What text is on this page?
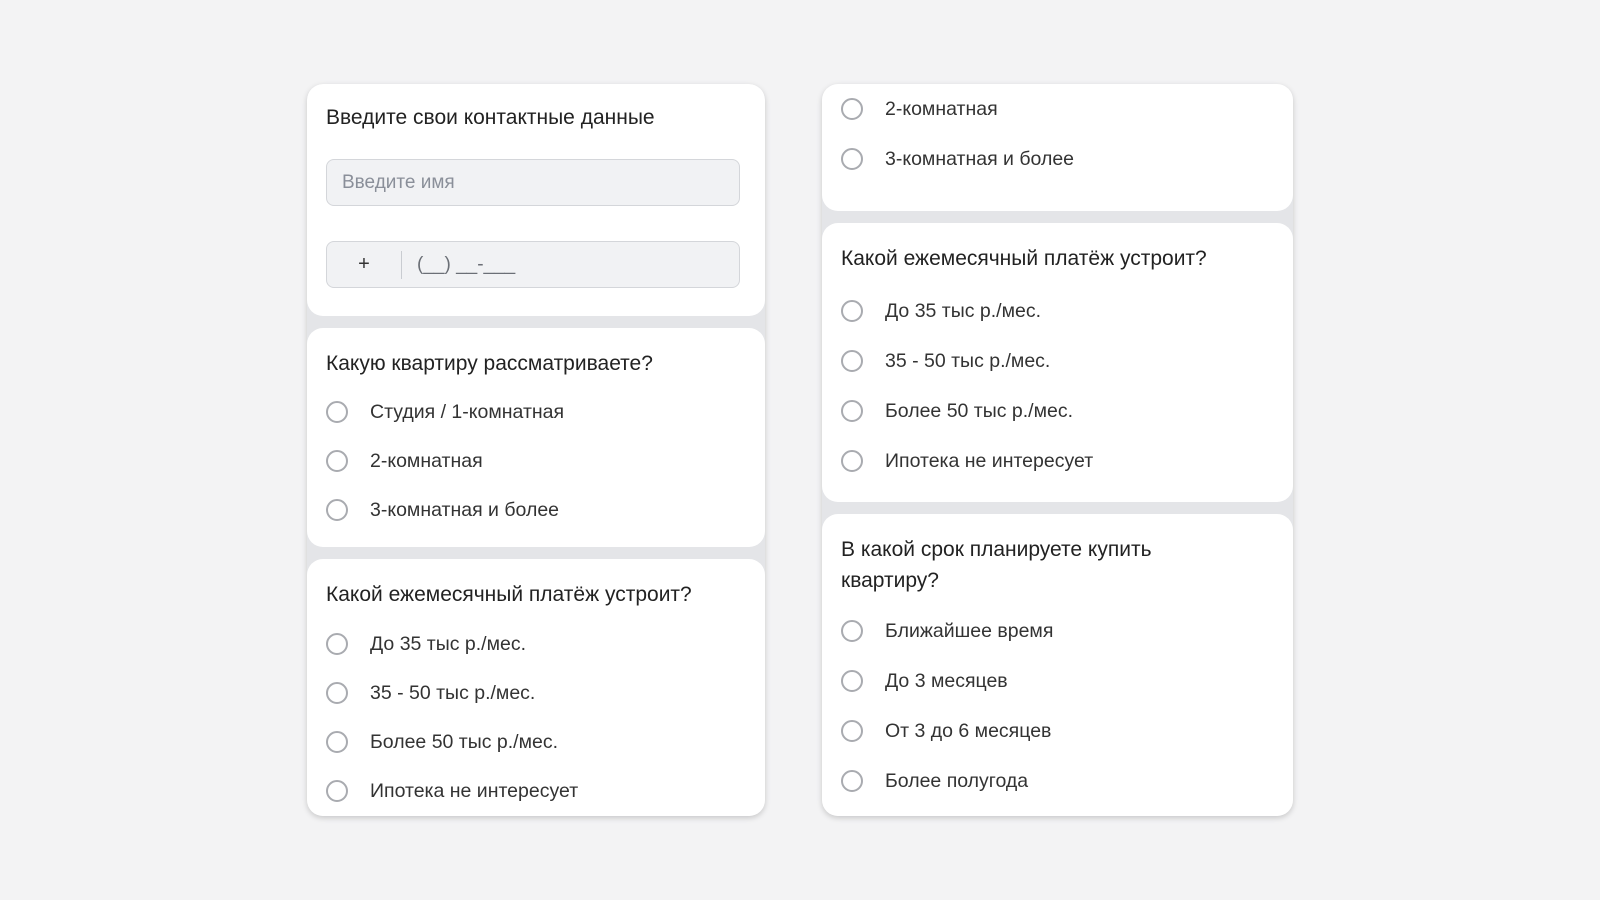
Введите свои контактные данные
Введите имя
+
(__) __-___
Какую квартиру рассматриваете?
Студия / 1-комнатная
2-комнатная
3-комнатная и более
Какой ежемесячный платёж устроит?
До 35 тыс р./мес.
35 - 50 тыс р./мес.
Более 50 тыс р./мес.
Ипотека не интересует
2-комнатная
3-комнатная и более
Какой ежемесячный платёж устроит?
До 35 тыс р./мес.
35 - 50 тыс р./мес.
Более 50 тыс р./мес.
Ипотека не интересует
В какой срок планируете купить квартиру?
Ближайшее время
До 3 месяцев
От 3 до 6 месяцев
Более полугода
